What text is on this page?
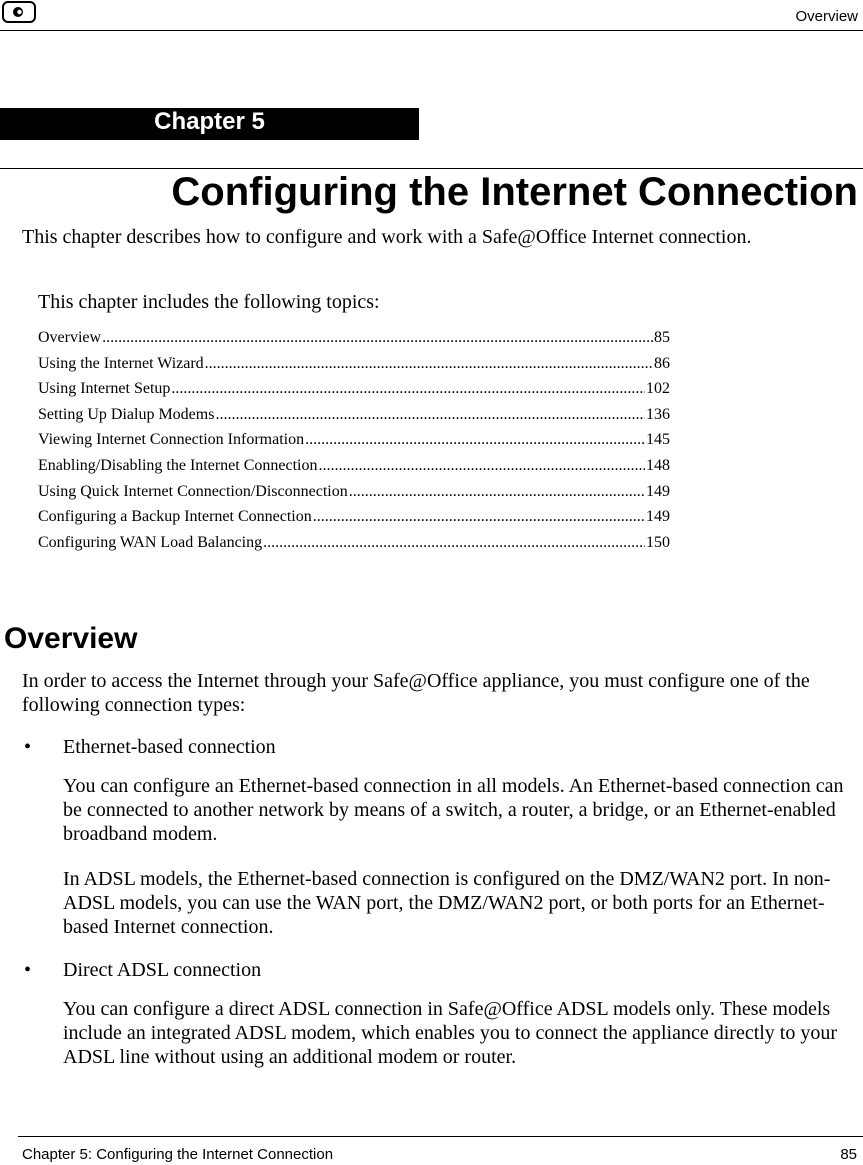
Overview
Chapter 5
Configuring the Internet Connection
This chapter describes how to configure and work with a Safe@Office Internet connection.
This chapter includes the following topics:
Overview .....	85
Using the Internet Wizard .....	86
Using Internet Setup .....	102
Setting Up Dialup Modems .....	136
Viewing Internet Connection Information .....	145
Enabling/Disabling the Internet Connection .....	148
Using Quick Internet Connection/Disconnection .....	149
Configuring a Backup Internet Connection .....	149
Configuring WAN Load Balancing .....	150
Overview
In order to access the Internet through your Safe@Office appliance, you must configure one of the following connection types:
• Ethernet-based connection
You can configure an Ethernet-based connection in all models. An Ethernet-based connection can be connected to another network by means of a switch, a router, a bridge, or an Ethernet-enabled broadband modem.
In ADSL models, the Ethernet-based connection is configured on the DMZ/WAN2 port. In non-ADSL models, you can use the WAN port, the DMZ/WAN2 port, or both ports for an Ethernet-based Internet connection.
• Direct ADSL connection
You can configure a direct ADSL connection in Safe@Office ADSL models only. These models include an integrated ADSL modem, which enables you to connect the appliance directly to your ADSL line without using an additional modem or router.
Chapter 5: Configuring the Internet Connection	85
